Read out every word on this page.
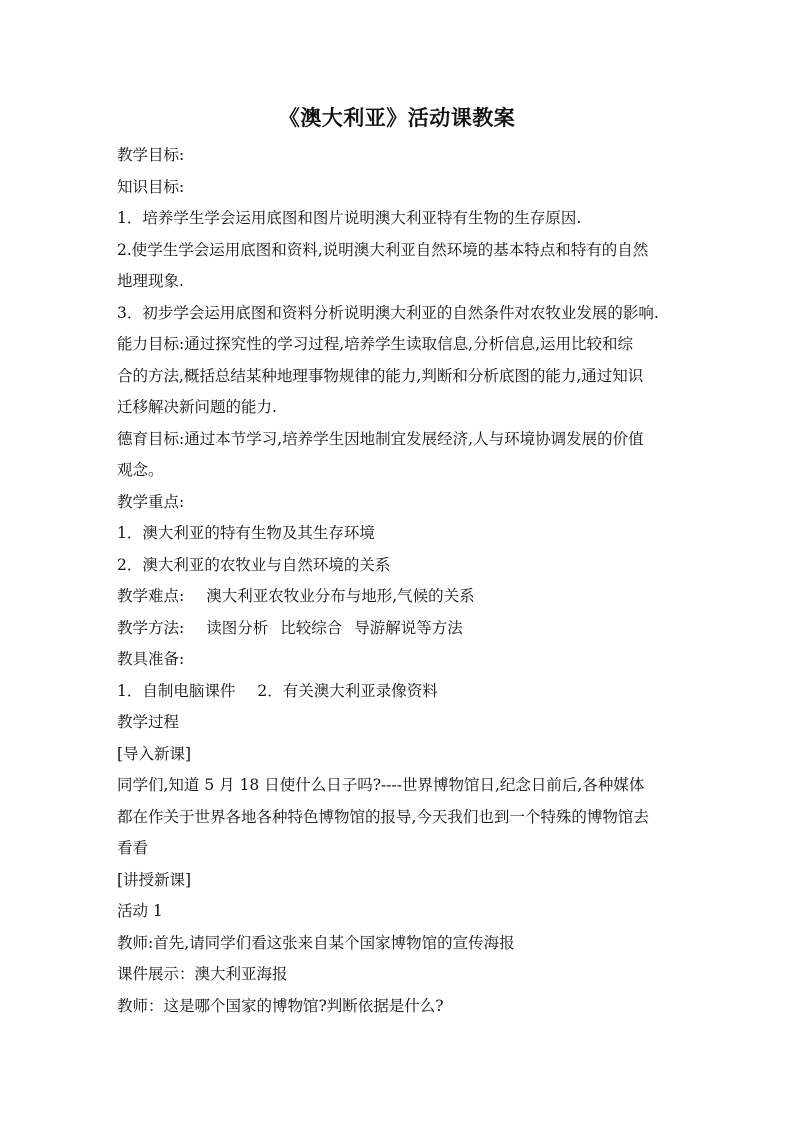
《澳大利亚》活动课教案
教学目标:
知识目标:
1．培养学生学会运用底图和图片说明澳大利亚特有生物的生存原因.
2.使学生学会运用底图和资料,说明澳大利亚自然环境的基本特点和特有的自然
地理现象.
3．初步学会运用底图和资料分析说明澳大利亚的自然条件对农牧业发展的影响.
能力目标:通过探究性的学习过程,培养学生读取信息,分析信息,运用比较和综
合的方法,概括总结某种地理事物规律的能力,判断和分析底图的能力,通过知识
迁移解决新问题的能力.
德育目标:通过本节学习,培养学生因地制宜发展经济,人与环境协调发展的价值
观念。
教学重点:
1．澳大利亚的特有生物及其生存环境
2．澳大利亚的农牧业与自然环境的关系
教学难点: 澳大利亚农牧业分布与地形,气候的关系
教学方法: 读图分析 比较综合 导游解说等方法
教具准备:
1．自制电脑课件 2．有关澳大利亚录像资料
教学过程
[导入新课]
同学们,知道 5 月 18 日使什么日子吗?----世界博物馆日,纪念日前后,各种媒体
都在作关于世界各地各种特色博物馆的报导,今天我们也到一个特殊的博物馆去
看看
[讲授新课]
活动 1
教师:首先,请同学们看这张来自某个国家博物馆的宣传海报
课件展示：澳大利亚海报
教师：这是哪个国家的博物馆?判断依据是什么?
